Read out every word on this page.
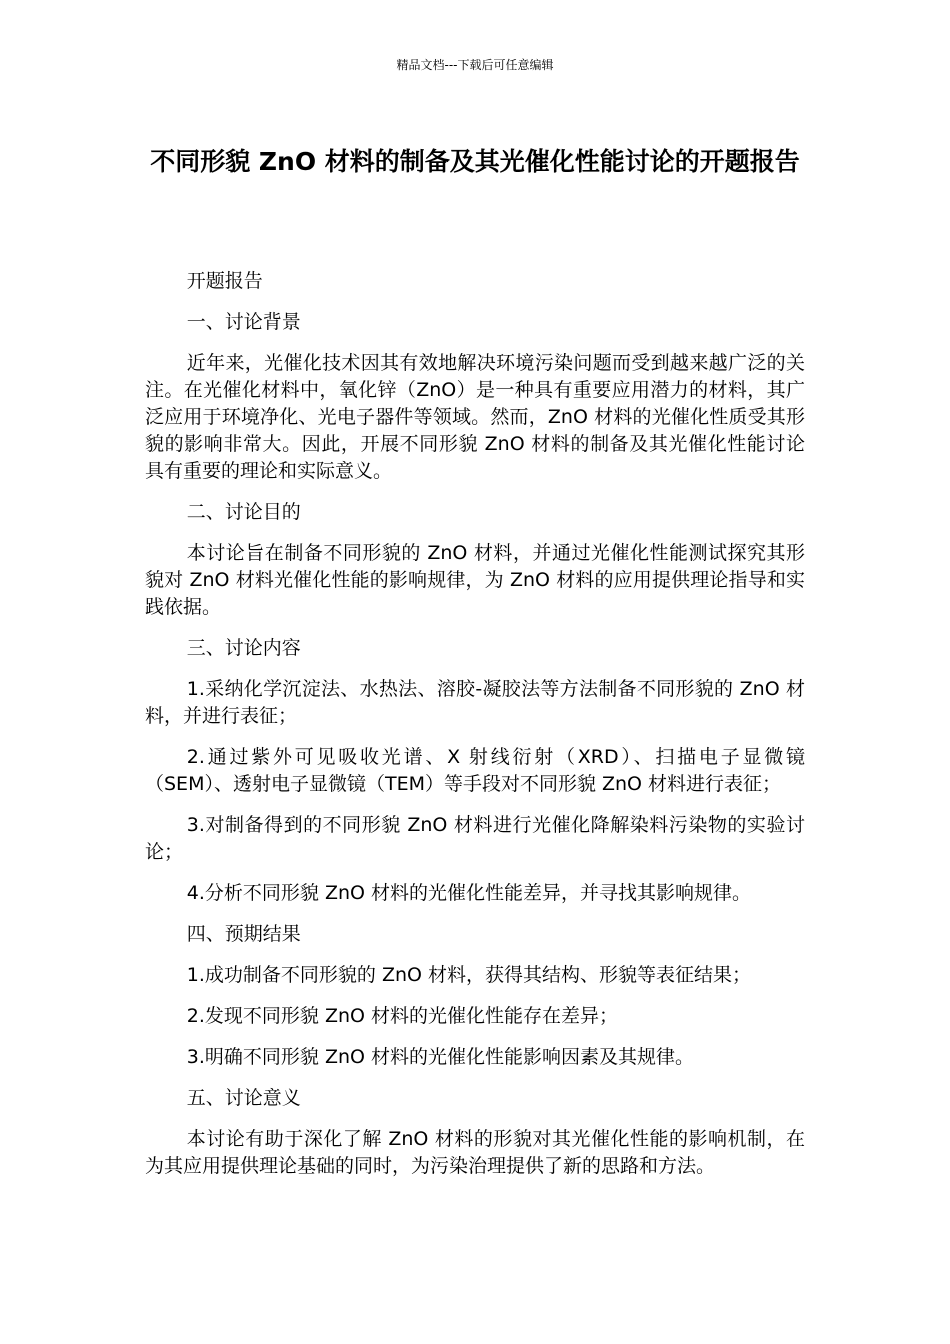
精品文档---下载后可任意编辑
不同形貌 ZnO 材料的制备及其光催化性能讨论的开题报告

开题报告

一、讨论背景

近年来，光催化技术因其有效地解决环境污染问题而受到越来越广泛的关注。在光催化材料中，氧化锌（ZnO）是一种具有重要应用潜力的材料，其广泛应用于环境净化、光电子器件等领域。然而，ZnO 材料的光催化性质受其形貌的影响非常大。因此，开展不同形貌 ZnO 材料的制备及其光催化性能讨论具有重要的理论和实际意义。

二、讨论目的

本讨论旨在制备不同形貌的 ZnO 材料，并通过光催化性能测试探究其形貌对 ZnO 材料光催化性能的影响规律，为 ZnO 材料的应用提供理论指导和实践依据。

三、讨论内容

1.采纳化学沉淀法、水热法、溶胶-凝胶法等方法制备不同形貌的 ZnO 材料，并进行表征；

2.通过紫外可见吸收光谱、X 射线衍射（XRD）、扫描电子显微镜（SEM）、透射电子显微镜（TEM）等手段对不同形貌 ZnO 材料进行表征；

3.对制备得到的不同形貌 ZnO 材料进行光催化降解染料污染物的实验讨论；

4.分析不同形貌 ZnO 材料的光催化性能差异，并寻找其影响规律。

四、预期结果

1.成功制备不同形貌的 ZnO 材料，获得其结构、形貌等表征结果；

2.发现不同形貌 ZnO 材料的光催化性能存在差异；

3.明确不同形貌 ZnO 材料的光催化性能影响因素及其规律。

五、讨论意义

本讨论有助于深化了解 ZnO 材料的形貌对其光催化性能的影响机制，在为其应用提供理论基础的同时，为污染治理提供了新的思路和方法。
